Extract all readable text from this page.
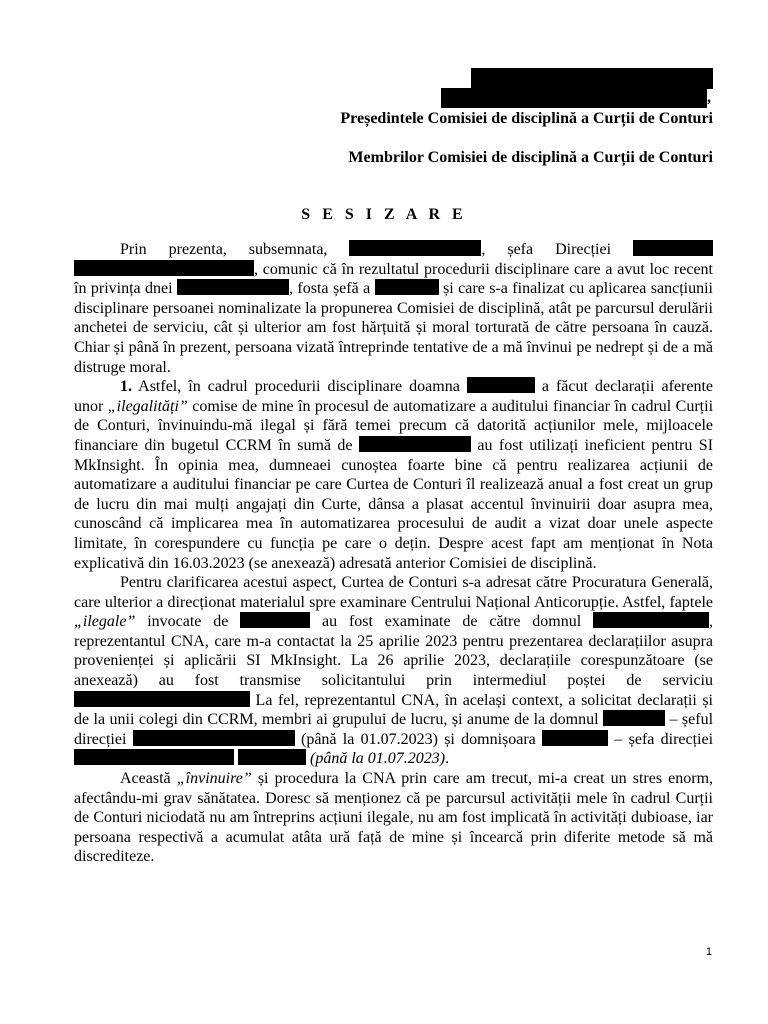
,
Președintele Comisiei de disciplină a Curții de Conturi
Membrilor Comisiei de disciplină a Curții de Conturi
S E S I Z A R E

Prin prezenta, subsemnata,	, șefa Direcției  , comunic că în rezultatul procedurii disciplinare care a avut loc recent în privința dnei	, fosta șefă a	și care s-a finalizat cu aplicarea sancțiunii disciplinare persoanei nominalizate la propunerea Comisiei de disciplină, atât pe parcursul derulării anchetei de serviciu, cât și ulterior am fost hărțuită și moral torturată de către persoana în cauză. Chiar și până în prezent, persoana vizată întreprinde tentative de a mă învinui pe nedrept și de a mă distruge moral.

1. Astfel, în cadrul procedurii disciplinare doamna	a făcut declarații aferente unor „ilegalități” comise de mine în procesul de automatizare a auditului financiar în cadrul Curții de Conturi, învinuindu-mă ilegal și fără temei precum că datorită acțiunilor mele, mijloacele financiare din bugetul CCRM în sumă de	au fost utilizați ineficient pentru SI MkInsight. În opinia mea, dumneaei cunoștea foarte bine că pentru realizarea acțiunii de automatizare a auditului financiar pe care Curtea de Conturi îl realizează anual a fost creat un grup de lucru din mai mulți angajați din Curte, dânsa a plasat accentul învinuirii doar asupra mea, cunoscând că implicarea mea în automatizarea procesului de audit a vizat doar unele aspecte limitate, în corespundere cu funcția pe care o dețin. Despre acest fapt am menționat în Nota explicativă din 16.03.2023 (se anexează) adresată anterior Comisiei de disciplină.

Pentru clarificarea acestui aspect, Curtea de Conturi s-a adresat către Procuratura Generală, care ulterior a direcționat materialul spre examinare Centrului Național Anticorupție. Astfel, faptele „ilegale” invocate de	au fost examinate de către domnul	, reprezentantul CNA, care m-a contactat la 25 aprilie 2023 pentru prezentarea declarațiilor asupra provenienței și aplicării SI MkInsight. La 26 aprilie 2023, declarațiile corespunzătoare (se anexează) au fost transmise solicitantului prin intermediul poștei de serviciu  La fel, reprezentantul CNA, în același context, a solicitat declarații și de la unii colegi din CCRM, membri ai grupului de lucru, și anume de la domnul	– șeful direcției	(până la 01.07.2023) și domnișoara	– șefa direcției   (până la 01.07.2023).

Această „învinuire” și procedura la CNA prin care am trecut, mi-a creat un stres enorm, afectându-mi grav sănătatea. Doresc să menționez că pe parcursul activității mele în cadrul Curții de Conturi niciodată nu am întreprins acțiuni ilegale, nu am fost implicată în activități dubioase, iar persoana respectivă a acumulat atâta ură față de mine și încearcă prin diferite metode să mă discrediteze.

1
